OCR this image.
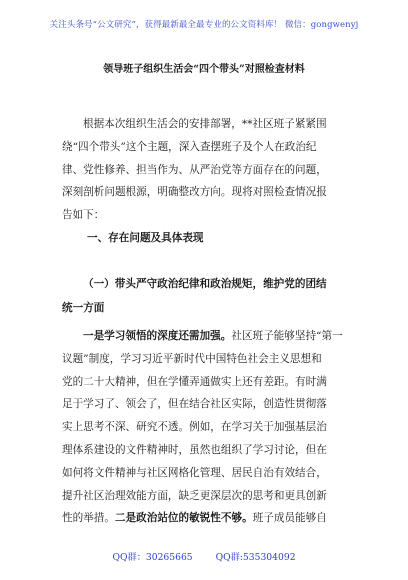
关注头条号“公文研究”，获得最新最全最专业的公文资料库！ 微信：gongwenyj
领导班子组织生活会“四个带头”对照检查材料
根据本次组织生活会的安排部署，**社区班子紧紧围
绕“四个带头”这个主题，深入查摆班子及个人在政治纪
律、党性修养、担当作为、从严治党等方面存在的问题，
深刻剖析问题根源，明确整改方向。现将对照检查情况报
告如下：
一、存在问题及具体表现
（一）带头严守政治纪律和政治规矩，维护党的团结
统一方面
一是学习领悟的深度还需加强。社区班子能够坚持“第一
议题”制度，学习习近平新时代中国特色社会主义思想和
党的二十大精神，但在学懂弄通做实上还有差距。有时满
足于学习了、领会了，但在结合社区实际，创造性贯彻落
实上思考不深、研究不透。例如，在学习关于加强基层治
理体系建设的文件精神时，虽然也组织了学习讨论，但在
如何将文件精神与社区网格化管理、居民自治有效结合，
提升社区治理效能方面，缺乏更深层次的思考和更具创新
性的举措。二是政治站位的敏锐性不够。班子成员能够自
QQ群：30265665 QQ群:535304092
